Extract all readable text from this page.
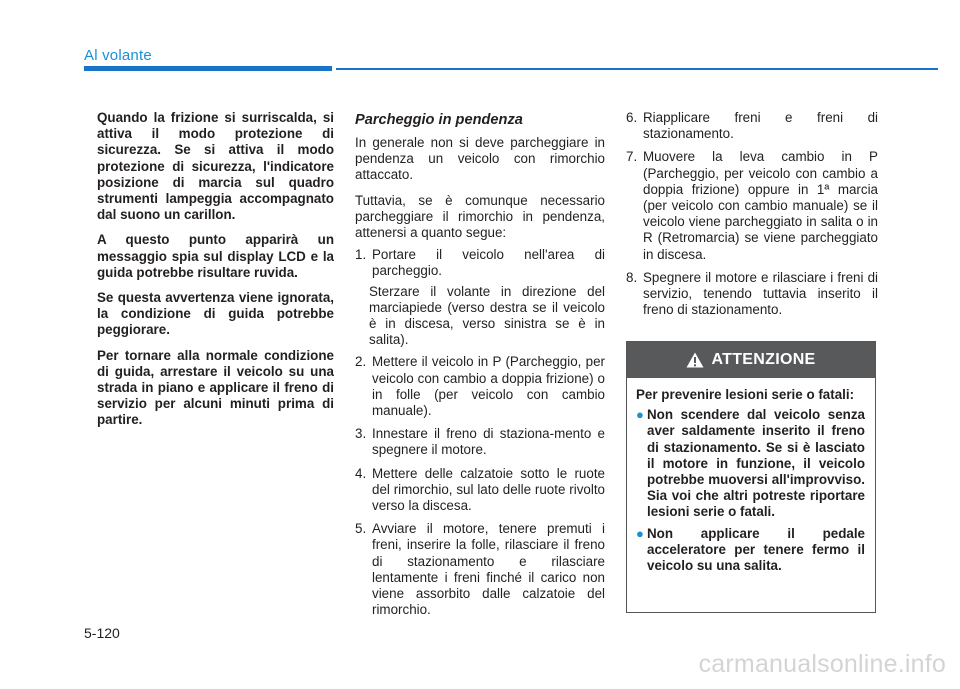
Al volante

Quando la frizione si surriscalda, si attiva il modo protezione di sicurezza. Se si attiva il modo protezione di sicurezza, l'indicatore posizione di marcia sul quadro strumenti lampeggia accompagnato dal suono un carillon.

A questo punto apparirà un messaggio spia sul display LCD e la guida potrebbe risultare ruvida.

Se questa avvertenza viene ignorata, la condizione di guida potrebbe peggiorare.

Per tornare alla normale condizione di guida, arrestare il veicolo su una strada in piano e applicare il freno di servizio per alcuni minuti prima di partire.

Parcheggio in pendenza

In generale non si deve parcheggiare in pendenza un veicolo con rimorchio attaccato.

Tuttavia, se è comunque necessario parcheggiare il rimorchio in pendenza, attenersi a quanto segue:

1. Portare il veicolo nell'area di parcheggio.
Sterzare il volante in direzione del marciapiede (verso destra se il veicolo è in discesa, verso sinistra se è in salita).
2. Mettere il veicolo in P (Parcheggio, per veicolo con cambio a doppia frizione) o in folle (per veicolo con cambio manuale).
3. Innestare il freno di staziona-mento e spegnere il motore.
4. Mettere delle calzatoie sotto le ruote del rimorchio, sul lato delle ruote rivolto verso la discesa.
5. Avviare il motore, tenere premuti i freni, inserire la folle, rilasciare il freno di stazionamento e rilasciare lentamente i freni finché il carico non viene assorbito dalle calzatoie del rimorchio.
6. Riapplicare freni e freni di stazionamento.
7. Muovere la leva cambio in P (Parcheggio, per veicolo con cambio a doppia frizione) oppure in 1ª marcia (per veicolo con cambio manuale) se il veicolo viene parcheggiato in salita o in R (Retromarcia) se viene parcheggiato in discesa.
8. Spegnere il motore e rilasciare i freni di servizio, tenendo tuttavia inserito il freno di stazionamento.
ATTENZIONE

Per prevenire lesioni serie o fatali:

● Non scendere dal veicolo senza aver saldamente inserito il freno di stazionamento. Se si è lasciato il motore in funzione, il veicolo potrebbe muoversi all'improvviso. Sia voi che altri potreste riportare lesioni serie o fatali.
● Non applicare il pedale acceleratore per tenere fermo il veicolo su una salita.
5-120
carmanualsonline.info
